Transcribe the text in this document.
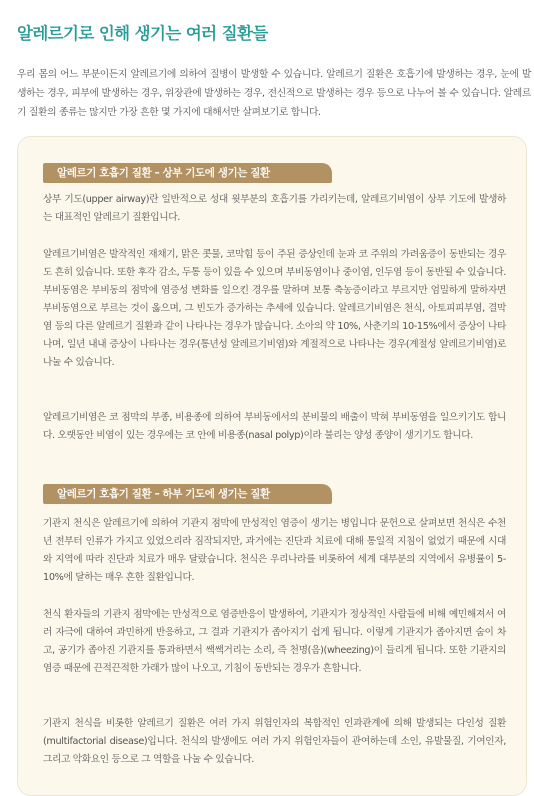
알레르기로 인해 생기는 여러 질환들

우리 몸의 어느 부분이든지 알레르기에 의하여 질병이 발생할 수 있습니다. 알레르기 질환은 호흡기에 발생하는 경우, 눈에 발생하는 경우, 피부에 발생하는 경우, 위장관에 발생하는 경우, 전신적으로 발생하는 경우 등으로 나누어 볼 수 있습니다. 알레르기 질환의 종류는 많지만 가장 흔한 몇 가지에 대해서만 살펴보기로 합니다.

알레르기 호흡기 질환 – 상부 기도에 생기는 질환

상부 기도(upper airway)란 일반적으로 성대 윗부분의 호흡기를 가리키는데, 알레르기비염이 상부 기도에 발생하는 대표적인 알레르기 질환입니다.

알레르기비염은 발작적인 재채기, 맑은 콧물, 코막힘 등이 주된 증상인데 눈과 코 주위의 가려움증이 동반되는 경우도 흔히 있습니다. 또한 후각 감소, 두통 등이 있을 수 있으며 부비동염이나 중이염, 인두염 등이 동반될 수 있습니다. 부비동염은 부비동의 점막에 염증성 변화를 일으킨 경우를 말하며 보통 축농증이라고 부르지만 엄밀하게 말하자면 부비동염으로 부르는 것이 옳으며, 그 빈도가 증가하는 추세에 있습니다. 알레르기비염은 천식, 아토피피부염, 결막염 등의 다른 알레르기 질환과 같이 나타나는 경우가 많습니다. 소아의 약 10%, 사춘기의 10-15%에서 증상이 나타나며, 일년 내내 증상이 나타나는 경우(통년성 알레르기비염)와 계절적으로 나타나는 경우(계절성 알레르기비염)로 나눌 수 있습니다.

알레르기비염은 코 점막의 부종, 비용종에 의하여 부비동에서의 분비물의 배출이 막혀 부비동염을 일으키기도 합니다. 오랫동안 비염이 있는 경우에는 코 안에 비용종(nasal polyp)이라 불리는 양성 종양이 생기기도 합니다.

알레르기 호흡기 질환 – 하부 기도에 생기는 질환

기관지 천식은 알레르기에 의하여 기관지 점막에 만성적인 염증이 생기는 병입니다 문헌으로 살펴보면 천식은 수천 년 전부터 인류가 가지고 있었으리라 짐작되지만, 과거에는 진단과 치료에 대해 통일적 지침이 없었기 때문에 시대와 지역에 따라 진단과 치료가 매우 달랐습니다. 천식은 우리나라를 비롯하여 세계 대부분의 지역에서 유병률이 5-10%에 달하는 매우 흔한 질환입니다.

천식 환자들의 기관지 점막에는 만성적으로 염증반응이 발생하여, 기관지가 정상적인 사람들에 비해 예민해져서 여러 자극에 대하여 과민하게 반응하고, 그 결과 기관지가 좁아지기 쉽게 됩니다. 이렇게 기관지가 좁아지면 숨이 차고, 공기가 좁아진 기관지를 통과하면서 쌕쌕거리는 소리, 즉 천명(음)(wheezing)이 들리게 됩니다. 또한 기관지의 염증 때문에 끈적끈적한 가래가 많이 나오고, 기침이 동반되는 경우가 흔합니다.

기관지 천식을 비롯한 알레르기 질환은 여러 가지 위험인자의 복합적인 인과관계에 의해 발생되는 다인성 질환(multifactorial disease)입니다. 천식의 발생에도 여러 가지 위험인자들이 관여하는데 소인, 유발물질, 기여인자, 그리고 악화요인 등으로 그 역할을 나눌 수 있습니다.
